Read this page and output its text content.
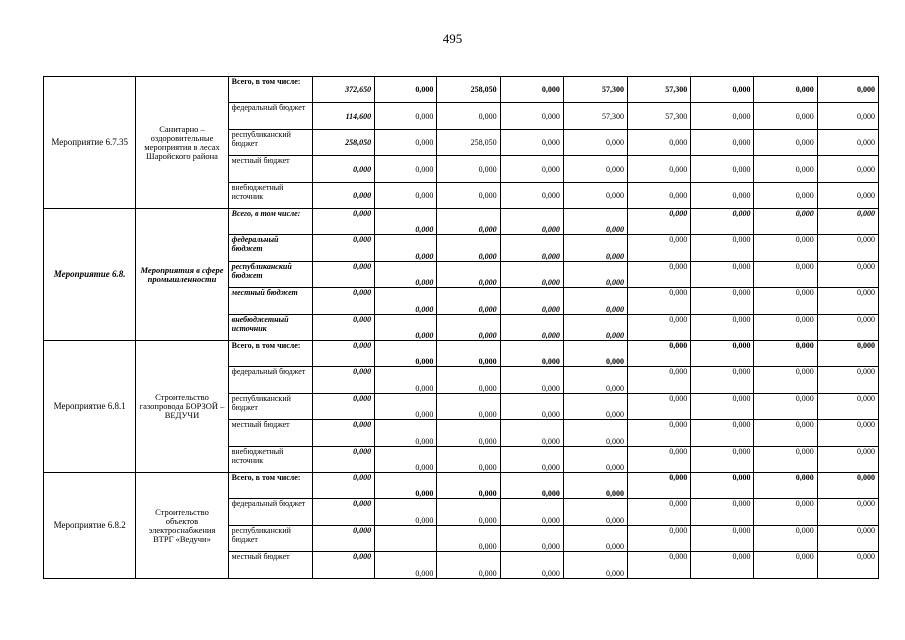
495
Мероприятие 6.7.35	Санитарно – оздоровительные мероприятия в лесах Шаройского района	Всего, в том числе:	372,650	0,000	258,050	0,000	57,300	57,300	0,000	0,000	0,000
		федеральный бюджет	114,600	0,000	0,000	0,000	57,300	57,300	0,000	0,000	0,000
		республиканский бюджет	258,050	0,000	258,050	0,000	0,000	0,000	0,000	0,000	0,000
		местный бюджет	0,000	0,000	0,000	0,000	0,000	0,000	0,000	0,000	0,000
		внебюджетный источник	0,000	0,000	0,000	0,000	0,000	0,000	0,000	0,000	0,000
Мероприятие 6.8.	Мероприятия в сфере промышленности	Всего, в том числе:	0,000	0,000	0,000	0,000	0,000	0,000	0,000	0,000	0,000
		федеральный бюджет	0,000	0,000	0,000	0,000	0,000	0,000	0,000	0,000	0,000
		республиканский бюджет	0,000	0,000	0,000	0,000	0,000	0,000	0,000	0,000	0,000
		местный бюджет	0,000	0,000	0,000	0,000	0,000	0,000	0,000	0,000	0,000
		внебюджетный источник	0,000	0,000	0,000	0,000	0,000	0,000	0,000	0,000	0,000
Мероприятие 6.8.1	Строительство газопровода БОРЗОЙ – ВЕДУЧИ	Всего, в том числе:	0,000	0,000	0,000	0,000	0,000	0,000	0,000	0,000	0,000
		федеральный бюджет	0,000	0,000	0,000	0,000	0,000	0,000	0,000	0,000	0,000
		республиканский бюджет	0,000	0,000	0,000	0,000	0,000	0,000	0,000	0,000	0,000
		местный бюджет	0,000	0,000	0,000	0,000	0,000	0,000	0,000	0,000	0,000
		внебюджетный источник	0,000	0,000	0,000	0,000	0,000	0,000	0,000	0,000	0,000
Мероприятие 6.8.2	Строительство объектов электроснабжения ВТРГ «Ведучи»	Всего, в том числе:	0,000	0,000	0,000	0,000	0,000	0,000	0,000	0,000	0,000
		федеральный бюджет	0,000	0,000	0,000	0,000	0,000	0,000	0,000	0,000	0,000
		республиканский бюджет	0,000		0,000	0,000	0,000	0,000	0,000	0,000	0,000
		местный бюджет	0,000	0,000	0,000	0,000	0,000	0,000	0,000	0,000	0,000
